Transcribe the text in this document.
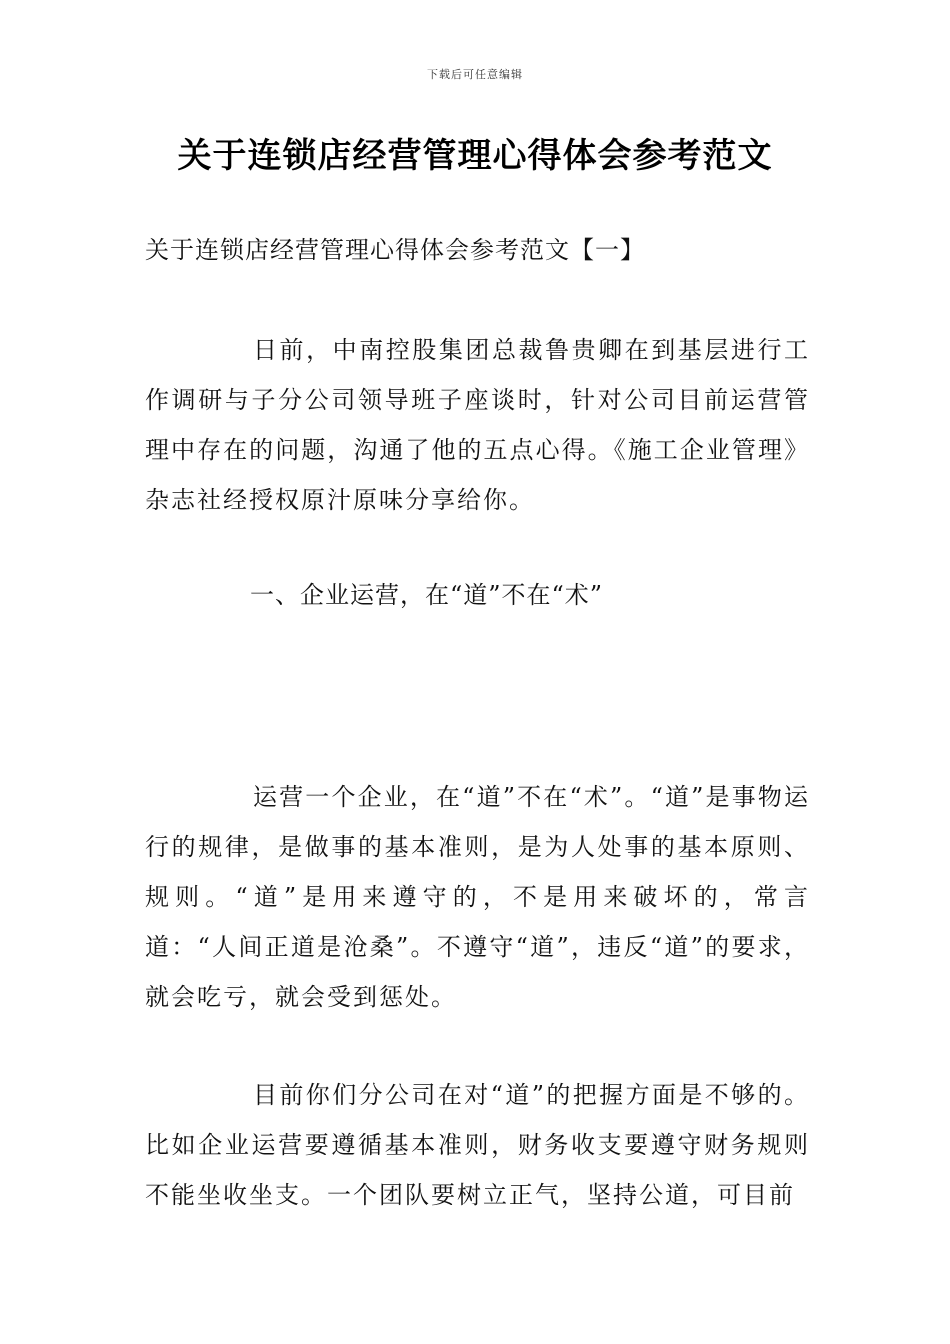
下载后可任意编辑
关于连锁店经营管理心得体会参考范文
关于连锁店经营管理心得体会参考范文【一】
日前，中南控股集团总裁鲁贵卿在到基层进行工作调研与子分公司领导班子座谈时，针对公司目前运营管理中存在的问题，沟通了他的五点心得。《施工企业管理》杂志社经授权原汁原味分享给你。
一、企业运营，在“道”不在“术”
运营一个企业，在“道”不在“术”。“道”是事物运行的规律，是做事的基本准则，是为人处事的基本原则、规则。“道”是用来遵守的，不是用来破坏的，常言道：“人间正道是沧桑”。不遵守“道”，违反“道”的要求，就会吃亏，就会受到惩处。
目前你们分公司在对“道”的把握方面是不够的。比如企业运营要遵循基本准则，财务收支要遵守财务规则不能坐收坐支。一个团队要树立正气，坚持公道，可目前
